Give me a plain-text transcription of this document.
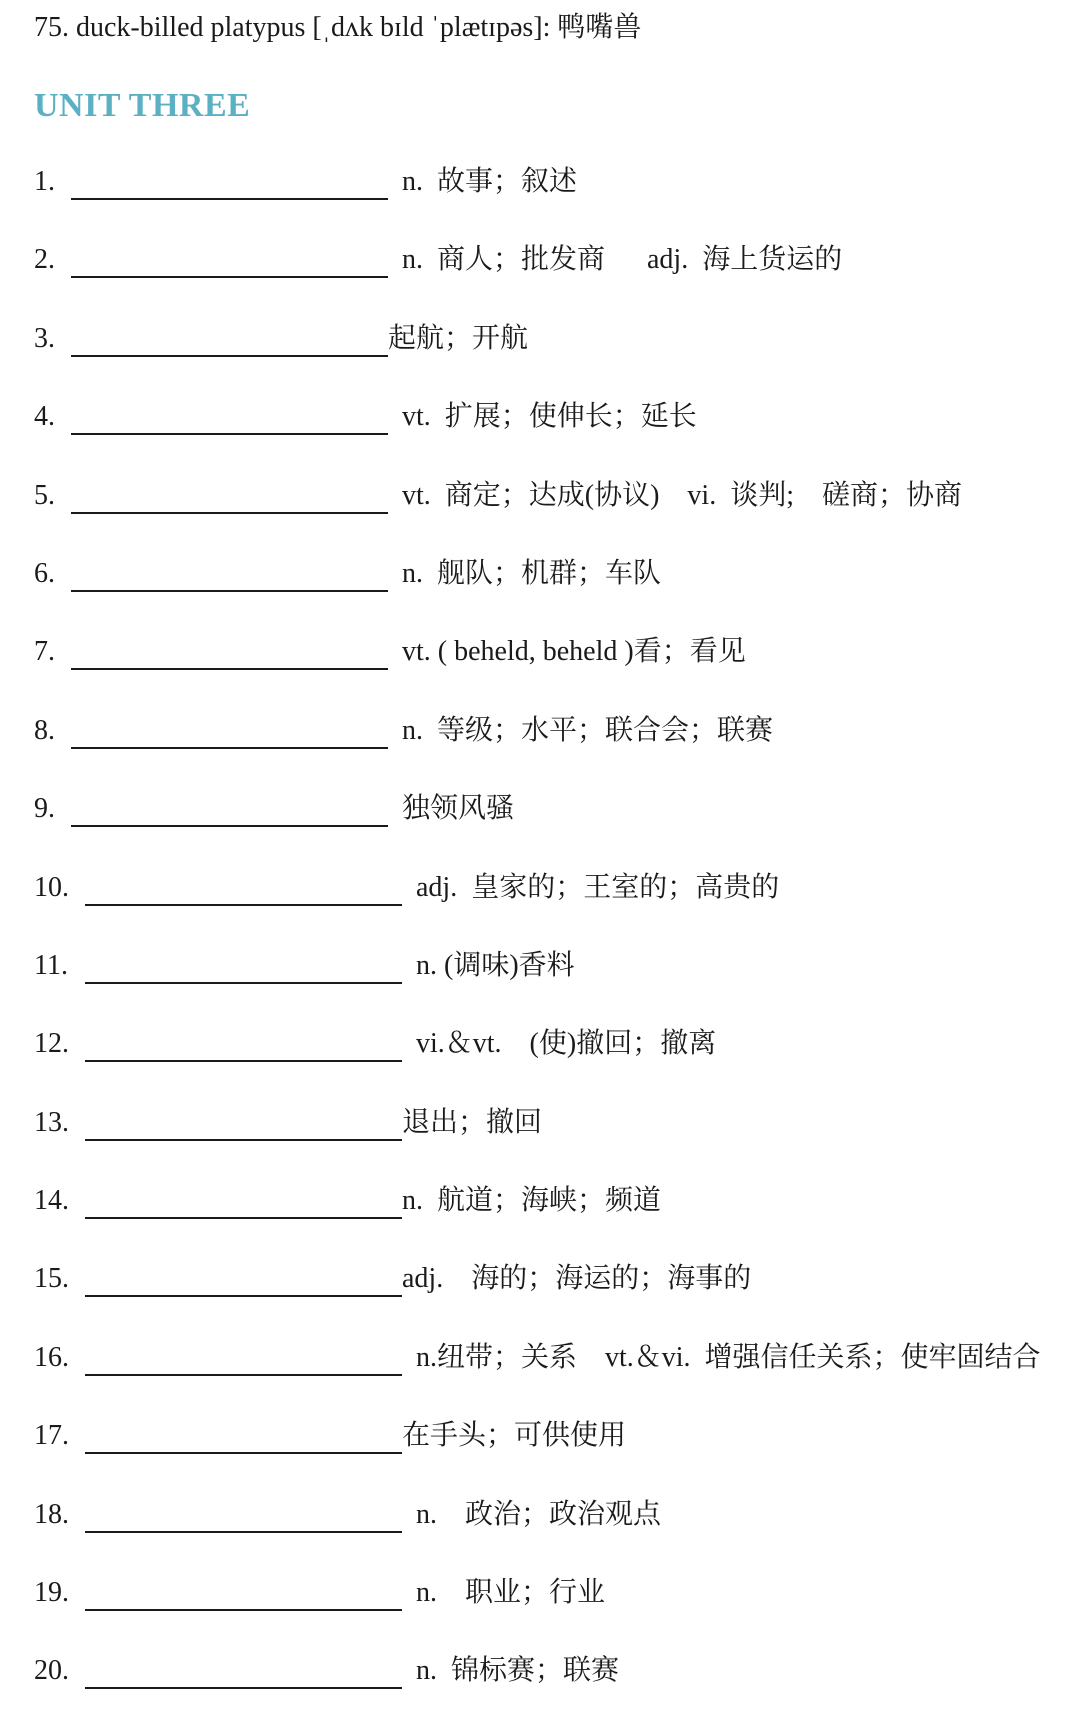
75. duck-billed platypus [ˌdʌk bɪld ˈplætɪpəs]: 鸭嘴兽
UNIT THREE
1.	n.  故事；叙述
2.	n.  商人；批发商      adj.  海上货运的
3.	起航；开航
4.	vt.  扩展；使伸长；延长
5.	vt.  商定；达成(协议)    vi.  谈判;    磋商；协商
6.	n.  舰队；机群；车队
7.	vt. ( beheld, beheld )看；看见
8.	n.  等级；水平；联合会；联赛
9.	独领风骚
10.	adj.  皇家的；王室的；高贵的
11.	n. (调味)香料
12.	vi.＆vt.    (使)撤回；撤离
13.	退出；撤回
14.	n.  航道；海峡；频道
15.	adj.    海的；海运的；海事的
16.	n.纽带；关系    vt.＆vi.  增强信任关系；使牢固结合
17.	在手头；可供使用
18.	n.    政治；政治观点
19.	n.    职业；行业
20.	n.  锦标赛；联赛
